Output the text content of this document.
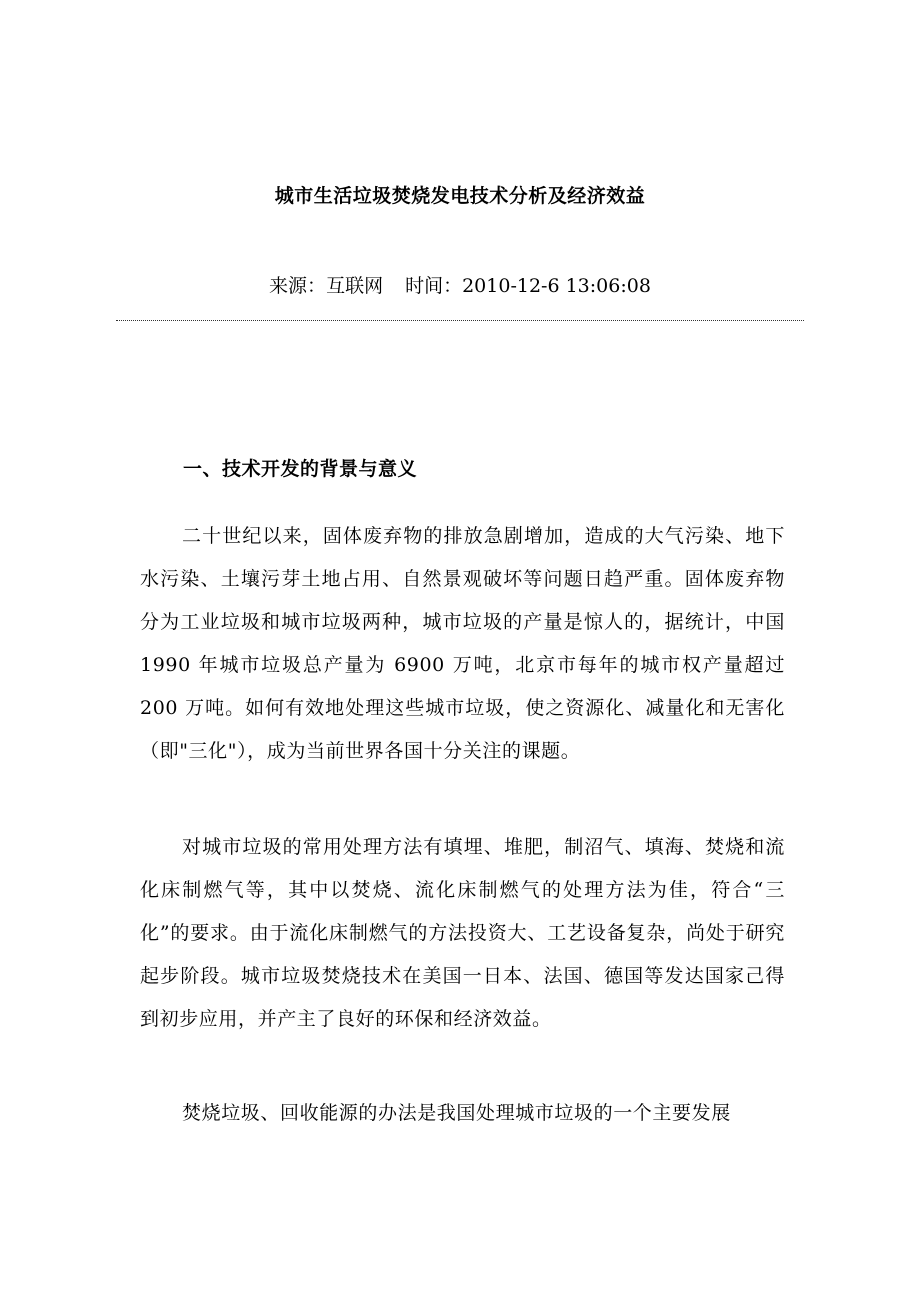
城市生活垃圾焚烧发电技术分析及经济效益
来源：互联网 时间：2010-12-6 13:06:08
一、技术开发的背景与意义

二十世纪以来，固体废弃物的排放急剧增加，造成的大气污染、地下水污染、土壤污芽土地占用、自然景观破坏等问题日趋严重。固体废弃物分为工业垃圾和城市垃圾两种，城市垃圾的产量是惊人的，据统计，中国 1990 年城市垃圾总产量为 6900 万吨，北京市每年的城市权产量超过 200 万吨。如何有效地处理这些城市垃圾，使之资源化、减量化和无害化（即"三化"），成为当前世界各国十分关注的课题。

对城市垃圾的常用处理方法有填埋、堆肥，制沼气、填海、焚烧和流化床制燃气等，其中以焚烧、流化床制燃气的处理方法为佳，符合“三化”的要求。由于流化床制燃气的方法投资大、工艺设备复杂，尚处于研究起步阶段。城市垃圾焚烧技术在美国一日本、法国、德国等发达国家己得到初步应用，并产主了良好的环保和经济效益。

焚烧垃圾、回收能源的办法是我国处理城市垃圾的一个主要发展
